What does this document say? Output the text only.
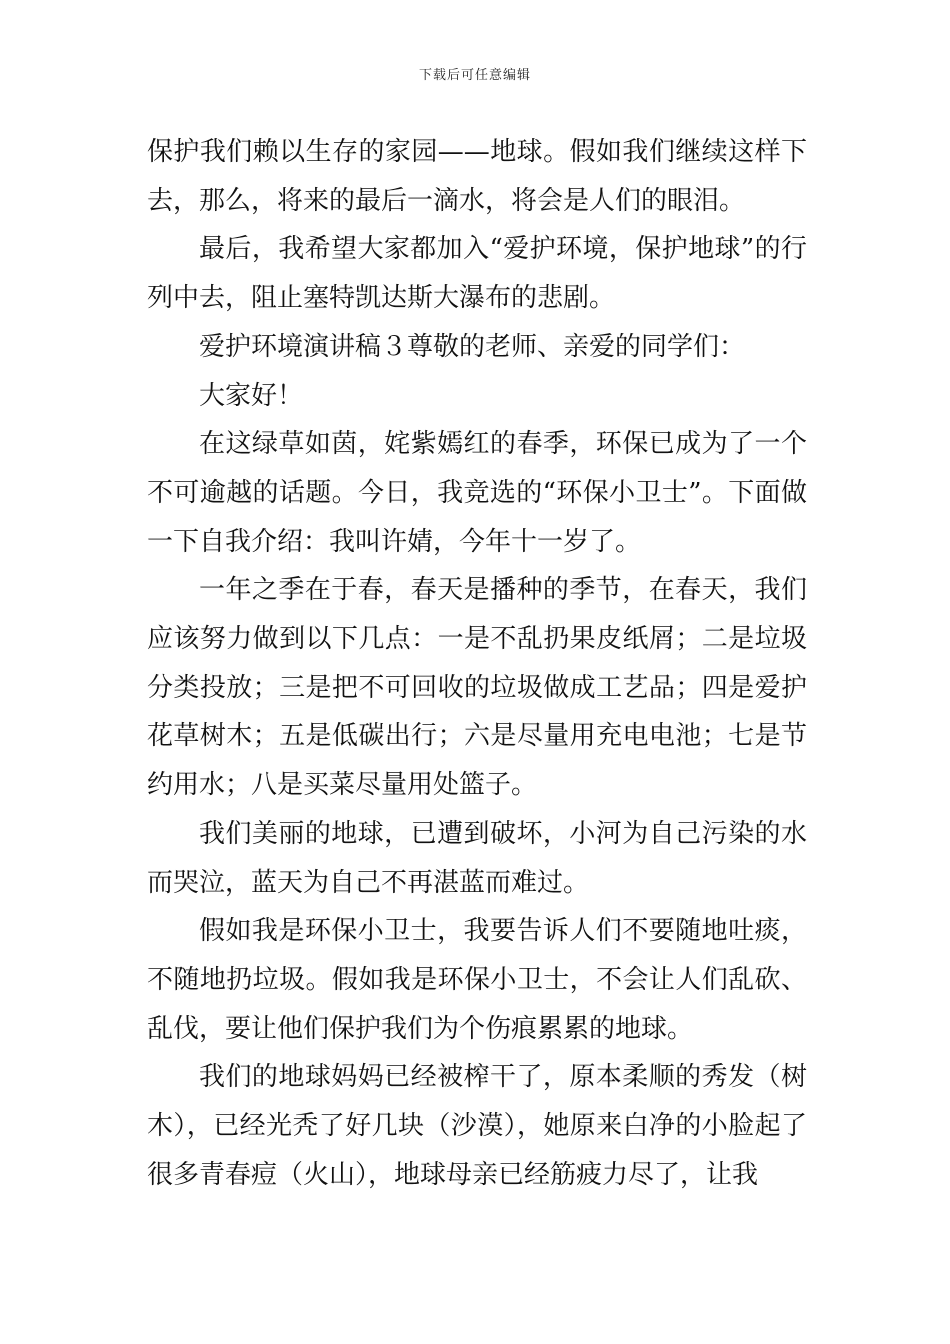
下载后可任意编辑

保护我们赖以生存的家园——地球。假如我们继续这样下去，那么，将来的最后一滴水，将会是人们的眼泪。

最后，我希望大家都加入“爱护环境，保护地球”的行列中去，阻止塞特凯达斯大瀑布的悲剧。

爱护环境演讲稿３尊敬的老师、亲爱的同学们：

大家好！

在这绿草如茵，姹紫嫣红的春季，环保已成为了一个不可逾越的话题。今日，我竞选的“环保小卫士”。下面做一下自我介绍：我叫许婧，今年十一岁了。

一年之季在于春，春天是播种的季节，在春天，我们应该努力做到以下几点：一是不乱扔果皮纸屑；二是垃圾分类投放；三是把不可回收的垃圾做成工艺品；四是爱护花草树木；五是低碳出行；六是尽量用充电电池；七是节约用水；八是买菜尽量用处篮子。

我们美丽的地球，已遭到破坏，小河为自己污染的水而哭泣，蓝天为自己不再湛蓝而难过。

假如我是环保小卫士，我要告诉人们不要随地吐痰，不随地扔垃圾。假如我是环保小卫士，不会让人们乱砍、乱伐，要让他们保护我们为个伤痕累累的地球。

我们的地球妈妈已经被榨干了，原本柔顺的秀发（树木），已经光秃了好几块（沙漠），她原来白净的小脸起了很多青春痘（火山），地球母亲已经筋疲力尽了，让我
